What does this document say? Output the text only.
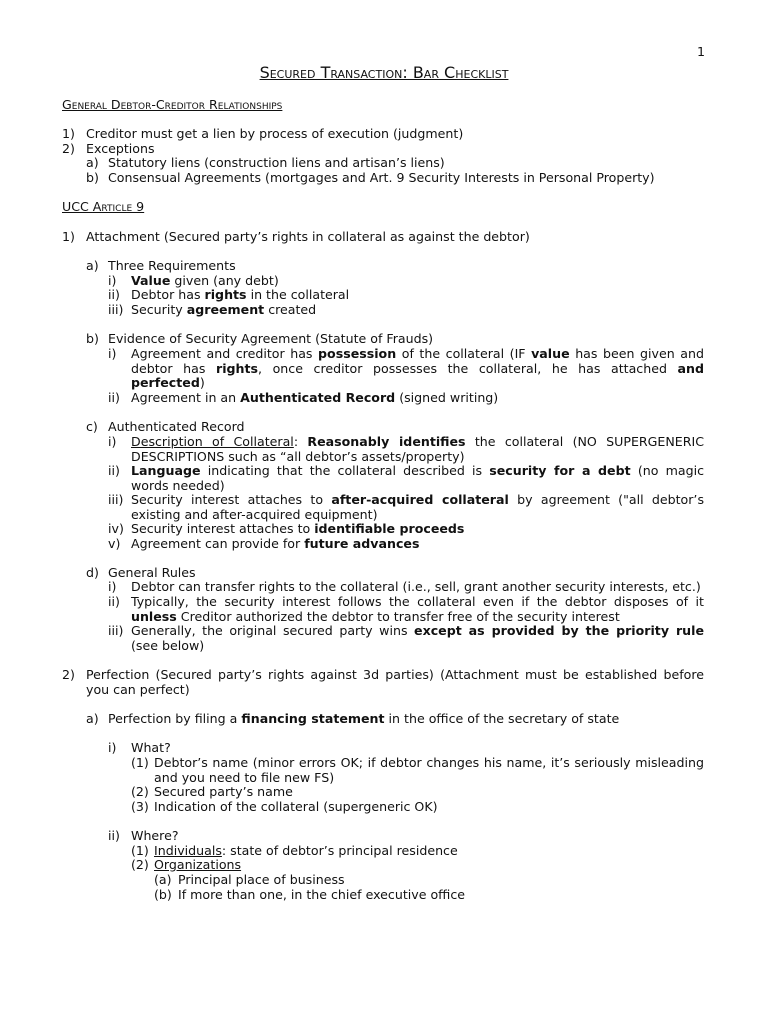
1
Secured Transaction: Bar Checklist
General Debtor-Creditor Relationships
1) Creditor must get a lien by process of execution (judgment)
2) Exceptions
a) Statutory liens (construction liens and artisan’s liens)
b) Consensual Agreements (mortgages and Art. 9 Security Interests in Personal Property)
UCC Article 9
1) Attachment (Secured party’s rights in collateral as against the debtor)
a) Three Requirements
i) Value given (any debt)
ii) Debtor has rights in the collateral
iii) Security agreement created
b) Evidence of Security Agreement (Statute of Frauds)
i) Agreement and creditor has possession of the collateral (IF value has been given and debtor has rights, once creditor possesses the collateral, he has attached and perfected)
ii) Agreement in an Authenticated Record (signed writing)
c) Authenticated Record
i) Description of Collateral: Reasonably identifies the collateral (NO SUPERGENERIC DESCRIPTIONS such as “all debtor’s assets/property)
ii) Language indicating that the collateral described is security for a debt (no magic words needed)
iii) Security interest attaches to after-acquired collateral by agreement ("all debtor’s existing and after-acquired equipment)
iv) Security interest attaches to identifiable proceeds
v) Agreement can provide for future advances
d) General Rules
i) Debtor can transfer rights to the collateral (i.e., sell, grant another security interests, etc.)
ii) Typically, the security interest follows the collateral even if the debtor disposes of it unless Creditor authorized the debtor to transfer free of the security interest
iii) Generally, the original secured party wins except as provided by the priority rule (see below)
2) Perfection (Secured party’s rights against 3d parties) (Attachment must be established before you can perfect)
a) Perfection by filing a financing statement in the office of the secretary of state
i) What?
(1) Debtor’s name (minor errors OK; if debtor changes his name, it’s seriously misleading and you need to file new FS)
(2) Secured party’s name
(3) Indication of the collateral (supergeneric OK)
ii) Where?
(1) Individuals: state of debtor’s principal residence
(2) Organizations
(a) Principal place of business
(b) If more than one, in the chief executive office
